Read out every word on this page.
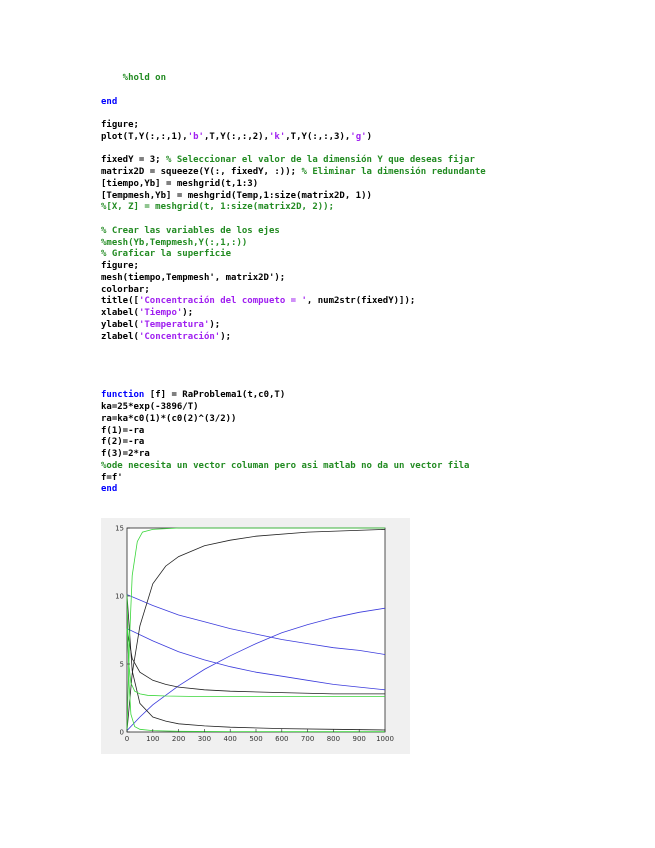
%hold on
end
figure;
plot(T,Y(:,:,1),'b',T,Y(:,:,2),'k',T,Y(:,:,3),'g')
fixedY = 3; % Seleccionar el valor de la dimensión Y que deseas fijar
matrix2D = squeeze(Y(:, fixedY, :)); % Eliminar la dimensión redundante
[tiempo,Yb] = meshgrid(t,1:3)
[Tempmesh,Yb] = meshgrid(Temp,1:size(matrix2D, 1))
%[X, Z] = meshgrid(t, 1:size(matrix2D, 2));
% Crear las variables de los ejes
%mesh(Yb,Tempmesh,Y(:,1,:))
% Graficar la superficie
figure;
mesh(tiempo,Tempmesh', matrix2D');
colorbar;
title(['Concentración del compueto = ', num2str(fixedY)]);
xlabel('Tiempo');
ylabel('Temperatura');
zlabel('Concentración');
function [f] = RaProblema1(t,c0,T)
ka=25*exp(-3896/T)
ra=ka*c0(1)*(c0(2)^(3/2))
f(1)=-ra
f(2)=-ra
f(3)=2*ra
%ode necesita un vector columan pero asi matlab no da un vector fila
f=f'
end
0 100 200 300 400 500 600 700 800 900 1000
0
5
10
15
